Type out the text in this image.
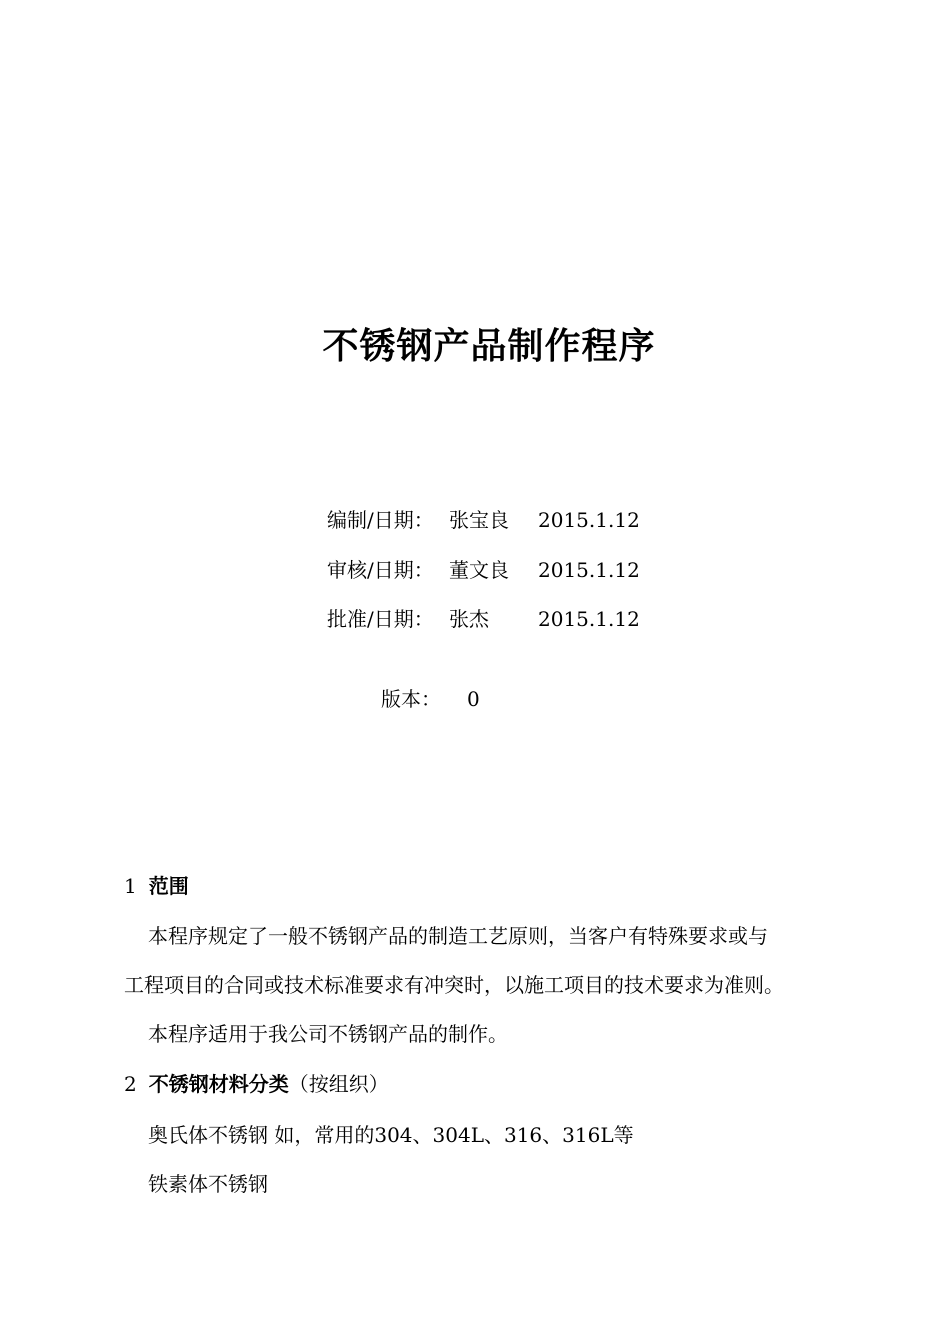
不锈钢产品制作程序
编制/日期： 张宝良 2015.1.12
审核/日期： 董文良 2015.1.12
批准/日期： 张杰 2015.1.12
版本： 0
1 范围
本程序规定了一般不锈钢产品的制造工艺原则，当客户有特殊要求或与
工程项目的合同或技术标准要求有冲突时，以施工项目的技术要求为准则。
本程序适用于我公司不锈钢产品的制作。
2 不锈钢材料分类（按组织）
奥氏体不锈钢 如，常用的304、304L、316、316L等
铁素体不锈钢
